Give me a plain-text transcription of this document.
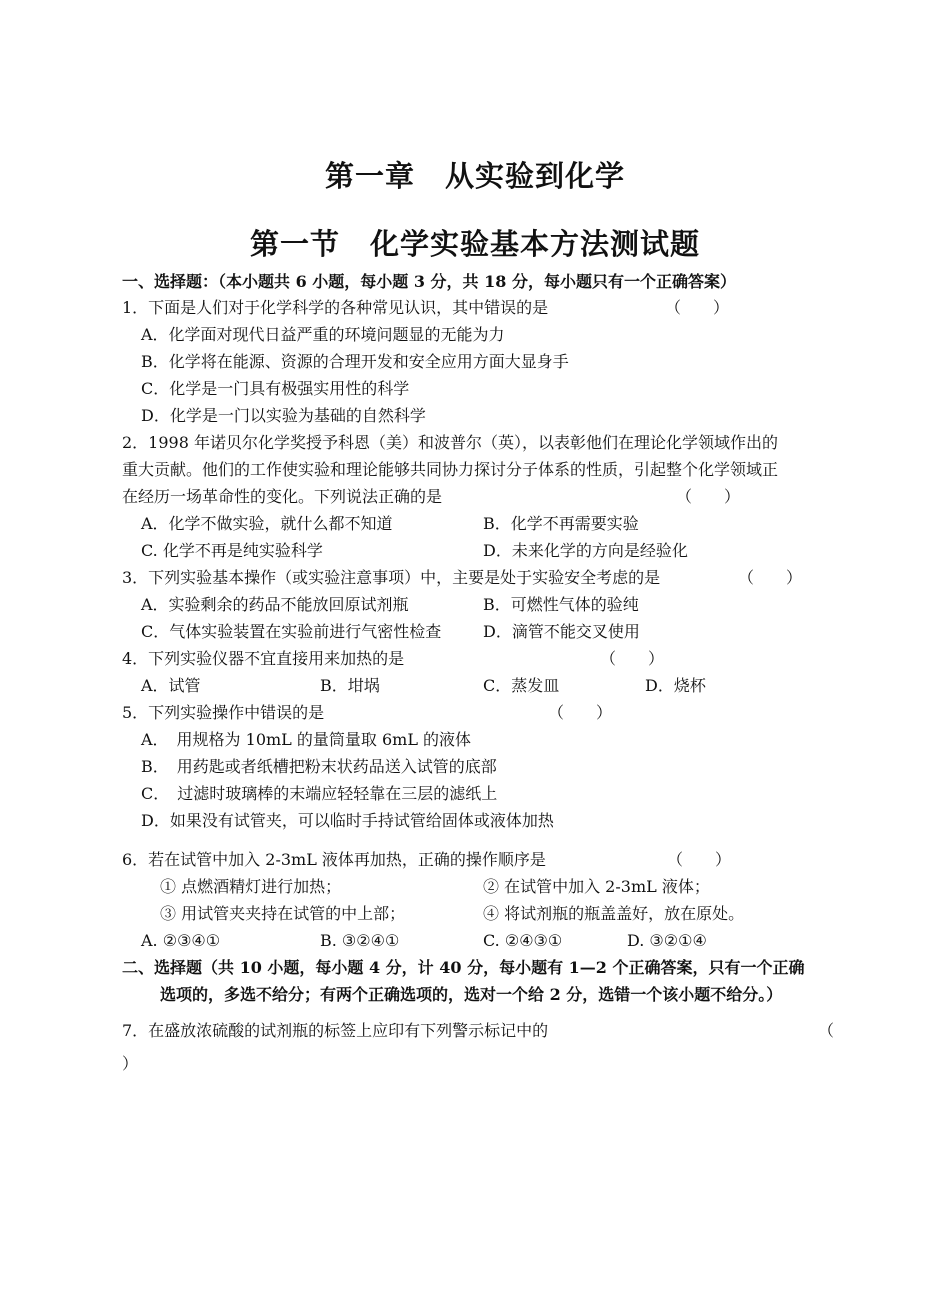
第一章　从实验到化学
第一节　化学实验基本方法测试题
一、选择题：（本小题共 6 小题，每小题 3 分，共 18 分，每小题只有一个正确答案）
1．下面是人们对于化学科学的各种常见认识，其中错误的是	（　　）
A．化学面对现代日益严重的环境问题显的无能为力
B．化学将在能源、资源的合理开发和安全应用方面大显身手
C．化学是一门具有极强实用性的科学
D．化学是一门以实验为基础的自然科学
2．1998 年诺贝尔化学奖授予科恩（美）和波普尔（英），以表彰他们在理论化学领域作出的
重大贡献。他们的工作使实验和理论能够共同协力探讨分子体系的性质，引起整个化学领域正
在经历一场革命性的变化。下列说法正确的是	（　　）
A．化学不做实验，就什么都不知道	B．化学不再需要实验
C. 化学不再是纯实验科学	D．未来化学的方向是经验化
3．下列实验基本操作（或实验注意事项）中，主要是处于实验安全考虑的是	（　　）
A．实验剩余的药品不能放回原试剂瓶	B．可燃性气体的验纯
C．气体实验装置在实验前进行气密性检查	D．滴管不能交叉使用
4．下列实验仪器不宜直接用来加热的是	（　　）
A．试管	B．坩埚	C．蒸发皿	D．烧杯
5．下列实验操作中错误的是	（　　）
A．　用规格为 10mL 的量筒量取 6mL 的液体
B．　用药匙或者纸槽把粉末状药品送入试管的底部
C．　过滤时玻璃棒的末端应轻轻靠在三层的滤纸上
D．如果没有试管夹，可以临时手持试管给固体或液体加热
6．若在试管中加入 2-3mL 液体再加热，正确的操作顺序是	（　　）
① 点燃酒精灯进行加热；	② 在试管中加入 2-3mL 液体；
③ 用试管夹夹持在试管的中上部；	④ 将试剂瓶的瓶盖盖好，放在原处。
A. ②③④①	B. ③②④①	C. ②④③①	D. ③②①④
二、选择题（共 10 小题，每小题 4 分，计 40 分，每小题有 1—2 个正确答案，只有一个正确
选项的，多选不给分；有两个正确选项的，选对一个给 2 分，选错一个该小题不给分。）
7．在盛放浓硫酸的试剂瓶的标签上应印有下列警示标记中的	（
）
